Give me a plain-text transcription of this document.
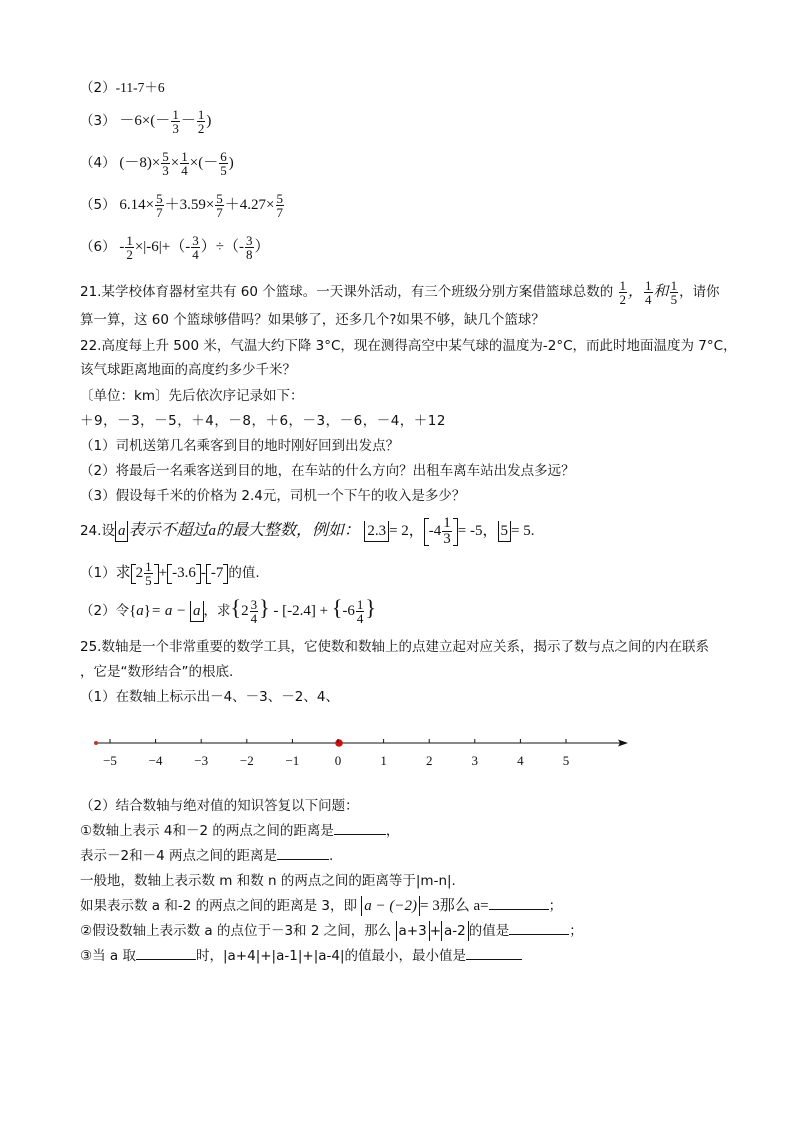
（2）-11-7＋6
$(3) -6\times(- \frac{1}{3} - \frac{1}{2}$ )
（4） $(-8)\times \frac{5}{3} \times \frac{1}{4}$ ×(－ $\frac{6}{5}$ )
（5） $6.14\times \frac{5}{7} +3.59\times \frac{5}{7} +4.27\times \frac{5}{7}$
$(6) - \frac{1}{2} \times|-6|+(- \frac{3}{4}$ ）÷（- $\frac{3}{8}$ ）
21.某学校体育器材室共有 60 个篮球。一天课外活动，有三个班级分别方案借篮球总数的 $\frac{1}{2}$ ， $\frac{1}{4}$ 和 $\frac{1}{5}$ ，请你
算一算，这 60 个篮球够借吗？如果够了，还多几个?如果不够，缺几个篮球？
22.高度每上升 500 米，气温大约下降 3°C，现在测得高空中某气球的温度为-2°C，而此时地面温度为 7°C，
该气球距离地面的高度约多少千米？
〔单位：km〕先后依次序记录如下：
＋9，－3，－5，＋4，－8，＋6，－3，－6，－4，＋12
（1）司机送第几名乘客到目的地时刚好回到出发点？
（2）将最后一名乘客送到目的地，在车站的什么方向？出租车离车站出发点多远？
（3）假设每千米的价格为 2.4元，司机一个下午的收入是多少？
24.设 a 表示不超过a的最大整数，例如： 2.3 = 2， $-4 \frac{1}{3} = -5$， 5 = 5.
（1）求 $2 \frac{1}{5} + -3.6 - -7$ 的值.
（2）令{a}= a − a ，求{$2 \frac{3}{4}$ } - $[-2.4] + \{-6 \frac{1}{4}$ }
25.数轴是一个非常重要的数学工具，它使数和数轴上的点建立起对应关系，揭示了数与点之间的内在联系
，它是“数形结合”的根底.
（1）在数轴上标示出－4、－3、－2、4、
−5 −4 −3 −2 −1	0	1	2	3	4	5
（2）结合数轴与绝对值的知识答复以下问题：
①数轴上表示 4和－2 的两点之间的距离是	，
表示－2和－4 两点之间的距离是	.
一般地，数轴上表示数 m 和数 n 的两点之间的距离等于|m-n|.
如果表示数 a 和-2 的两点之间的距离是 3，即 a − (−2) = 3那么 a=	；
②假设数轴上表示数 a 的点位于－3和 2 之间，那么 a+3 + a-2 的值是	；
③当 a 取	时，|a+4|+|a-1|+|a-4|的值最小，最小值是
